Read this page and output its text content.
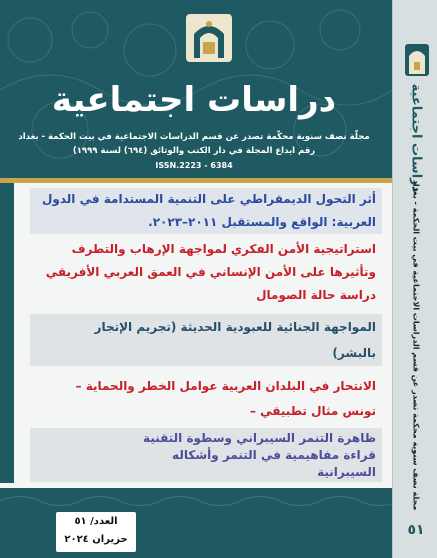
دراسات اجتماعية
مجلّة نصف سنوية محكّمة تصدر عن قسم الدراسات الاجتماعية في بيت الحكمة - بغداد
رقم ايداع المجلة في دار الكتب والوثائق (٦٩٤) لسنة ١٩٩٩)
ISSN.2223 - 6384
أثر التحول الديمقراطي على التنمية المستدامة في الدول
العربية: الواقع والمستقبل ٢٠١١–٢٠٢٣.
استراتيجية الأمن الفكري لمواجهة الإرهاب والتطرف
وتأثيرها على الأمن الإنساني في العمق العربي الأفريقي
دراسة حالة الصومال
المواجهة الجنائية للعبودية الحديثة (تجريم الإتجار
بالبشر)
الانتحار في البلدان العربية عوامل الخطر والحماية –
تونس مثال تطبيقي –
ظاهرة التنمر السيبراني وسطوة التقنية
قراءة مفاهيمية في التنمر وأشكاله
السيبرانية
العدد/ ٥١
حزيران ٢٠٢٤
دراسات اجتماعية
مجلة نصف سنوية محكمة تصدر عن قسم الدراسات الاجتماعية في بيت الحكمة - بغداد
٥١
